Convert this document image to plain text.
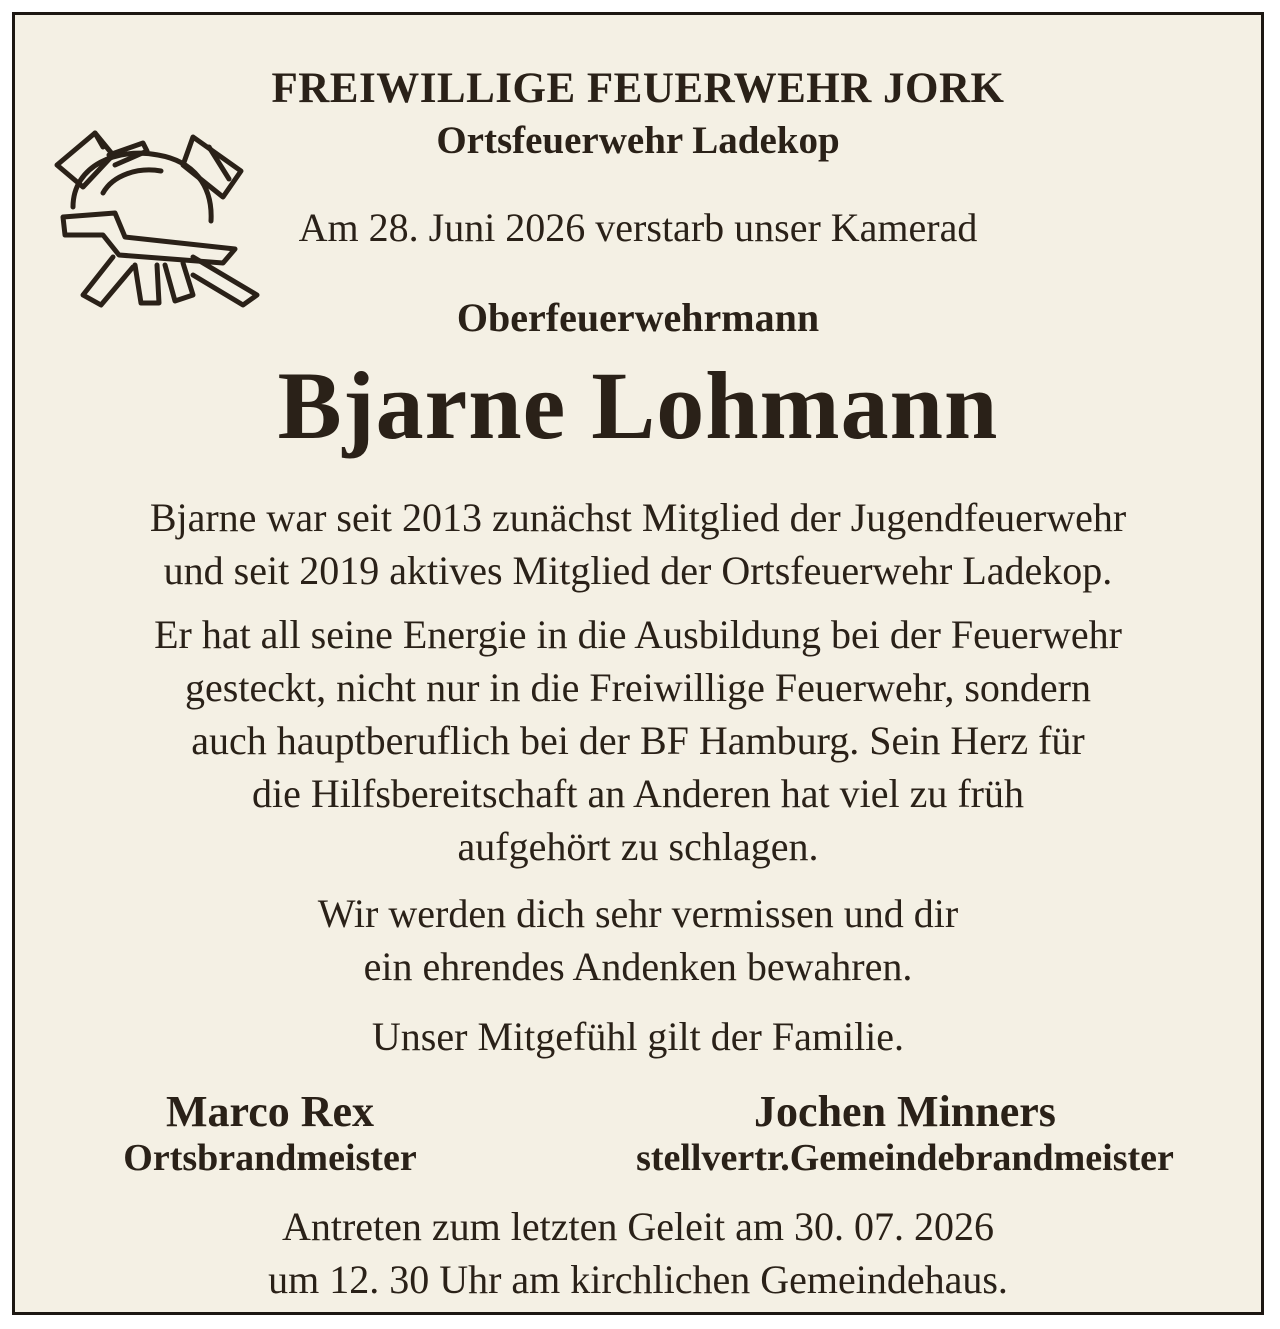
FREIWILLIGE FEUERWEHR JORK
Ortsfeuerwehr Ladekop
Am 28. Juni 2026 verstarb unser Kamerad
Oberfeuerwehrmann
Bjarne Lohmann
Bjarne war seit 2013 zunächst Mitglied der Jugendfeuerwehr
und seit 2019 aktives Mitglied der Ortsfeuerwehr Ladekop.
Er hat all seine Energie in die Ausbildung bei der Feuerwehr
gesteckt, nicht nur in die Freiwillige Feuerwehr, sondern
auch hauptberuflich bei der BF Hamburg. Sein Herz für
die Hilfsbereitschaft an Anderen hat viel zu früh
aufgehört zu schlagen.
Wir werden dich sehr vermissen und dir
ein ehrendes Andenken bewahren.
Unser Mitgefühl gilt der Familie.
Marco Rex
Ortsbrandmeister
Jochen Minners
stellvertr.Gemeindebrandmeister
Antreten zum letzten Geleit am 30. 07. 2026
um 12. 30 Uhr am kirchlichen Gemeindehaus.
